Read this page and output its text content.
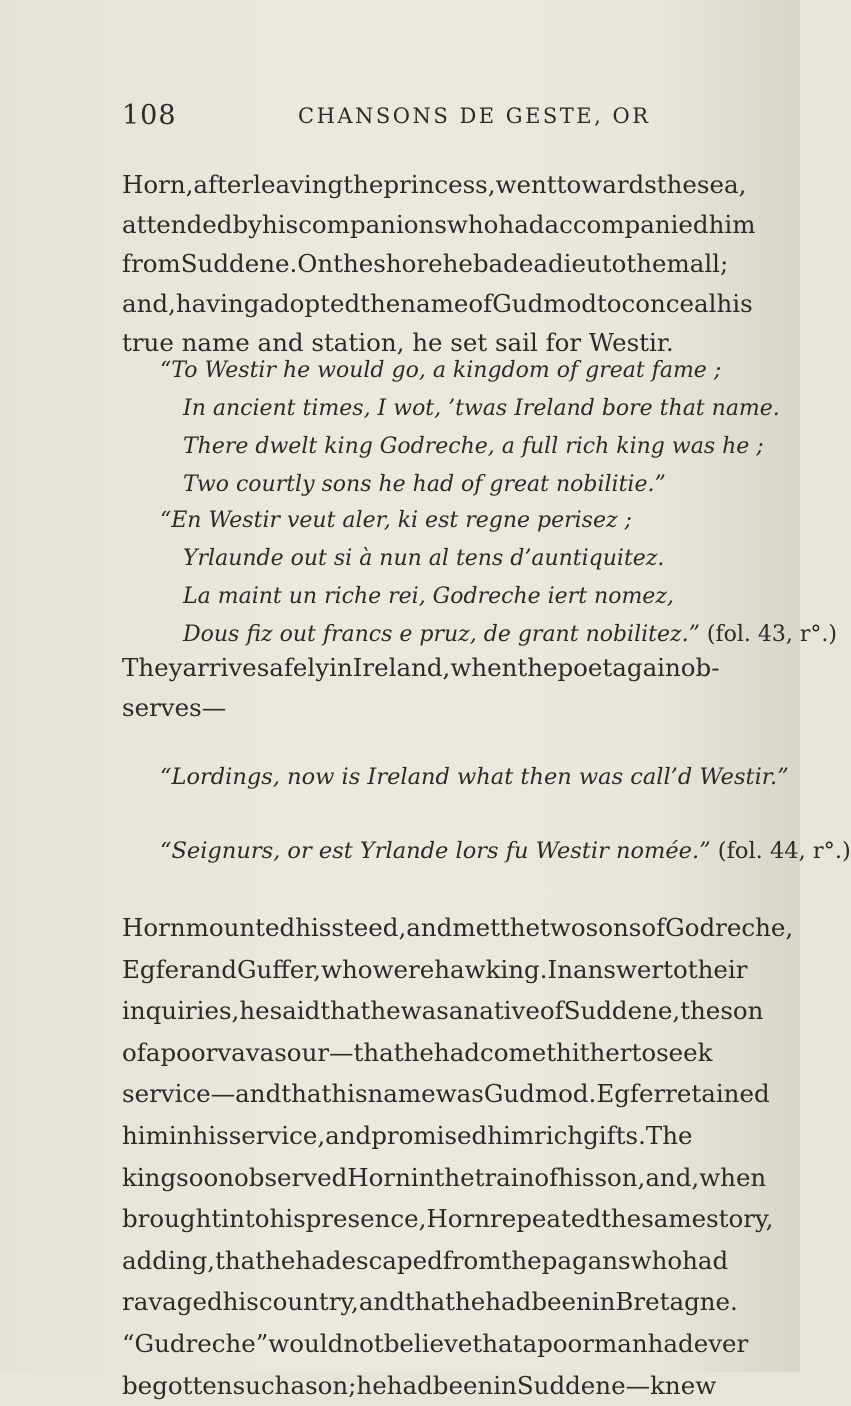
108	CHANSONS DE GESTE, OR
Horn,afterleavingtheprincess,wenttowardsthesea,
attendedbyhiscompanionswhohadaccompaniedhim
fromSuddene.Ontheshorehebadeadieutothemall;
and,havingadoptedthenameofGudmodtoconcealhis
true name and station, he set sail for Westir.
“To Westir he would go, a kingdom of great fame ;
In ancient times, I wot, ’twas Ireland bore that name.
There dwelt king Godreche, a full rich king was he ;
Two courtly sons he had of great nobilitie.”
“En Westir veut aler, ki est regne perisez ;
Yrlaunde out si à nun al tens d’auntiquitez.
La maint un riche rei, Godreche iert nomez,
Dous fiz out francs e pruz, de grant nobilitez.” (fol. 43, r°.)
TheyarrivesafelyinIreland,whenthepoetagainob-
serves—
“Lordings, now is Ireland what then was call’d Westir.”
“Seignurs, or est Yrlande lors fu Westir nomée.” (fol. 44, r°.)
Hornmountedhissteed,andmetthetwosonsofGodreche,
EgferandGuffer,whowerehawking.Inanswertotheir
inquiries,hesaidthathewasanativeofSuddene,theson
ofapoorvavasour—thathehadcomethithertoseek
service—andthathisnamewasGudmod.Egferretained
himinhisservice,andpromisedhimrichgifts.The
kingsoonobservedHorninthetrainofhisson,and,when
broughtintohispresence,Hornrepeatedthesamestory,
adding,thathehadescapedfromthepaganswhohad
ravagedhiscountry,andthathehadbeeninBretagne.
“Gudreche”wouldnotbelievethatapoormanhadever
begottensuchason;hehadbeeninSuddene—knew
